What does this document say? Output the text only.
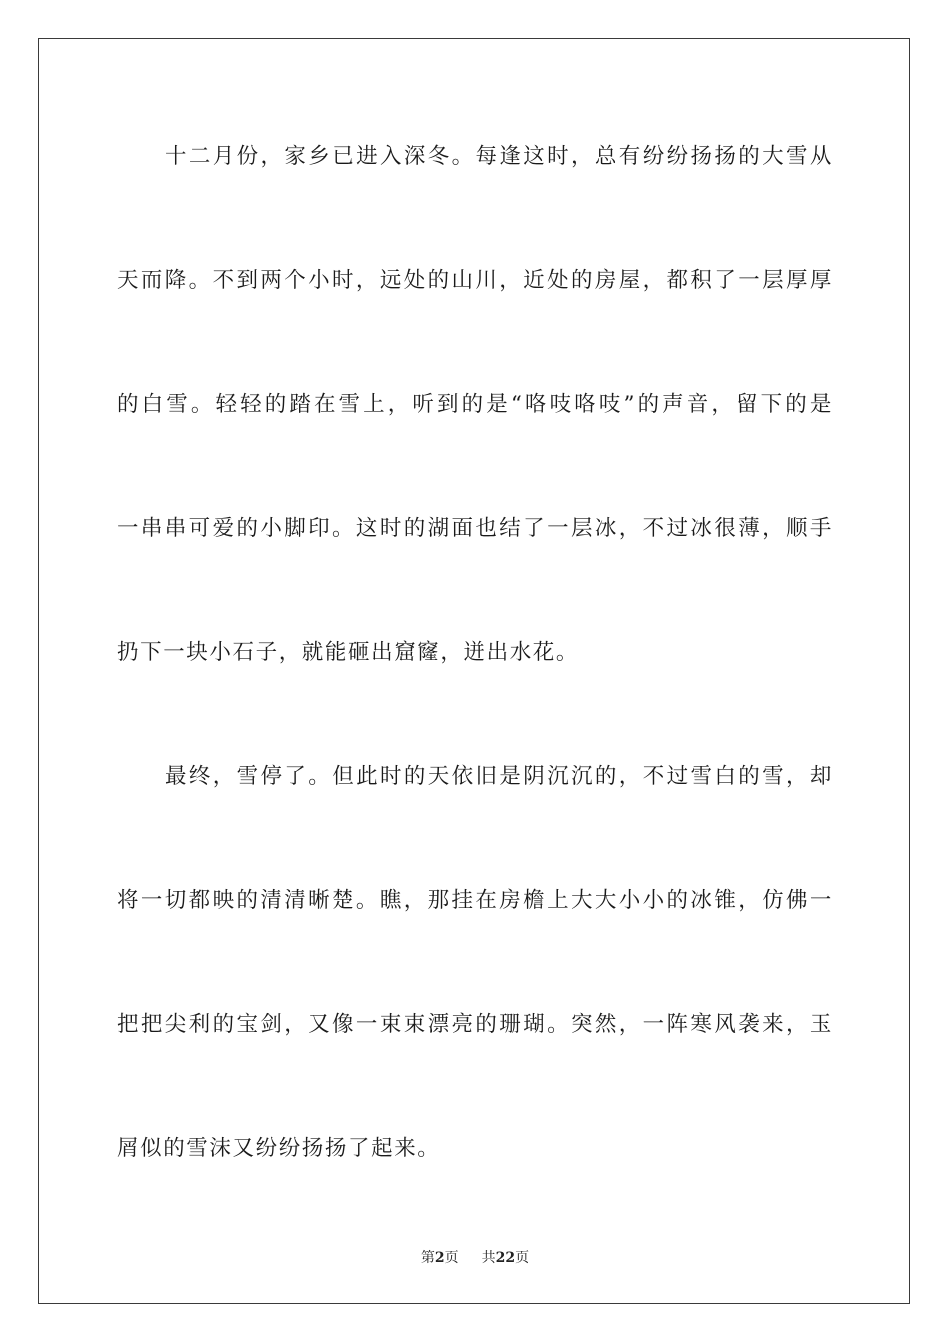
十二月份，家乡已进入深冬。每逢这时，总有纷纷扬扬的大雪从
天而降。不到两个小时，远处的山川，近处的房屋，都积了一层厚厚
的白雪。轻轻的踏在雪上，听到的是“咯吱咯吱”的声音，留下的是
一串串可爱的小脚印。这时的湖面也结了一层冰，不过冰很薄，顺手
扔下一块小石子，就能砸出窟窿，迸出水花。
最终，雪停了。但此时的天依旧是阴沉沉的，不过雪白的雪，却
将一切都映的清清晰楚。瞧，那挂在房檐上大大小小的冰锥，仿佛一
把把尖利的宝剑，又像一束束漂亮的珊瑚。突然，一阵寒风袭来，玉
屑似的雪沫又纷纷扬扬了起来。
第2页 共22页
